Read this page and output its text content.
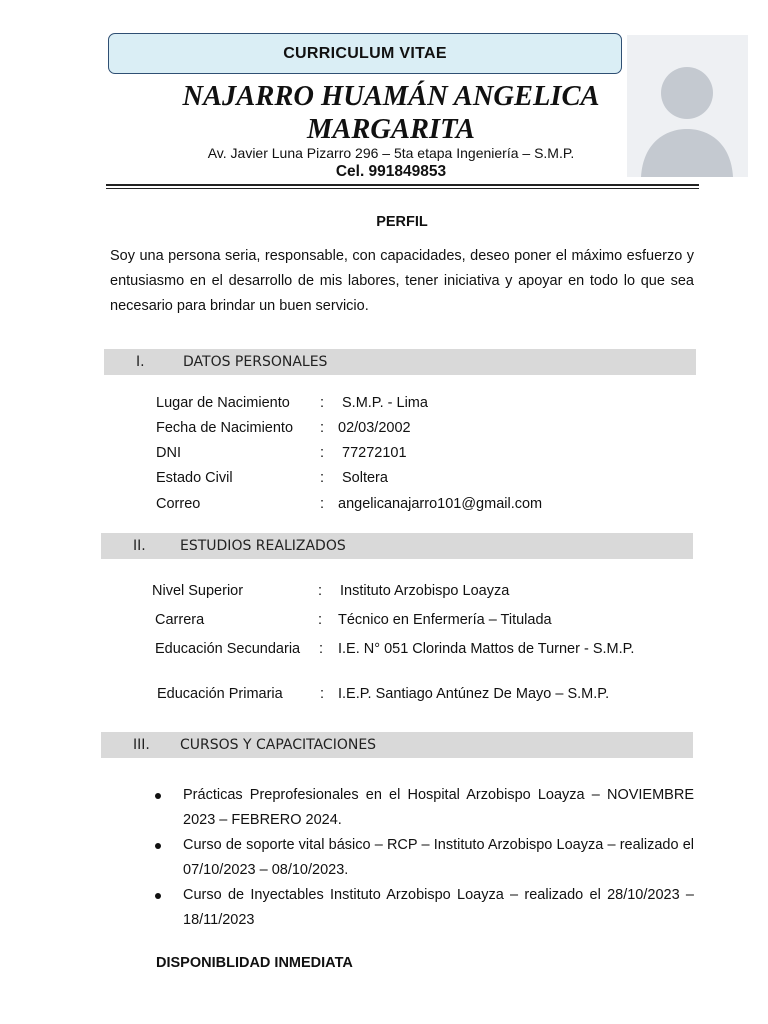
CURRICULUM VITAE
NAJARRO HUAMÁN ANGELICA
MARGARITA
Av. Javier Luna Pizarro 296 – 5ta etapa Ingeniería – S.M.P.
Cel. 991849853
PERFIL
Soy una persona seria, responsable, con capacidades, deseo poner el máximo esfuerzo y entusiasmo en el desarrollo de mis labores, tener iniciativa y apoyar en todo lo que sea necesario para brindar un buen servicio.
I.	DATOS PERSONALES
Lugar de Nacimiento : S.M.P. - Lima
Fecha de Nacimiento : 02/03/2002
DNI	: 77272101
Estado Civil	: Soltera
Correo	: angelicanajarro101@gmail.com
II. ESTUDIOS REALIZADOS
Nivel Superior	: Instituto Arzobispo Loayza
Carrera	: Técnico en Enfermería – Titulada
Educación Secundaria : I.E. N° 051 Clorinda Mattos de Turner - S.M.P.
Educación Primaria	: I.E.P. Santiago Antúnez De Mayo – S.M.P.
III. CURSOS Y CAPACITACIONES
Prácticas Preprofesionales en el Hospital Arzobispo Loayza – NOVIEMBRE 2023 – FEBRERO 2024.
Curso de soporte vital básico – RCP – Instituto Arzobispo Loayza – realizado el 07/10/2023 – 08/10/2023.
Curso de Inyectables Instituto Arzobispo Loayza – realizado el 28/10/2023 – 18/11/2023
DISPONIBLIDAD INMEDIATA
